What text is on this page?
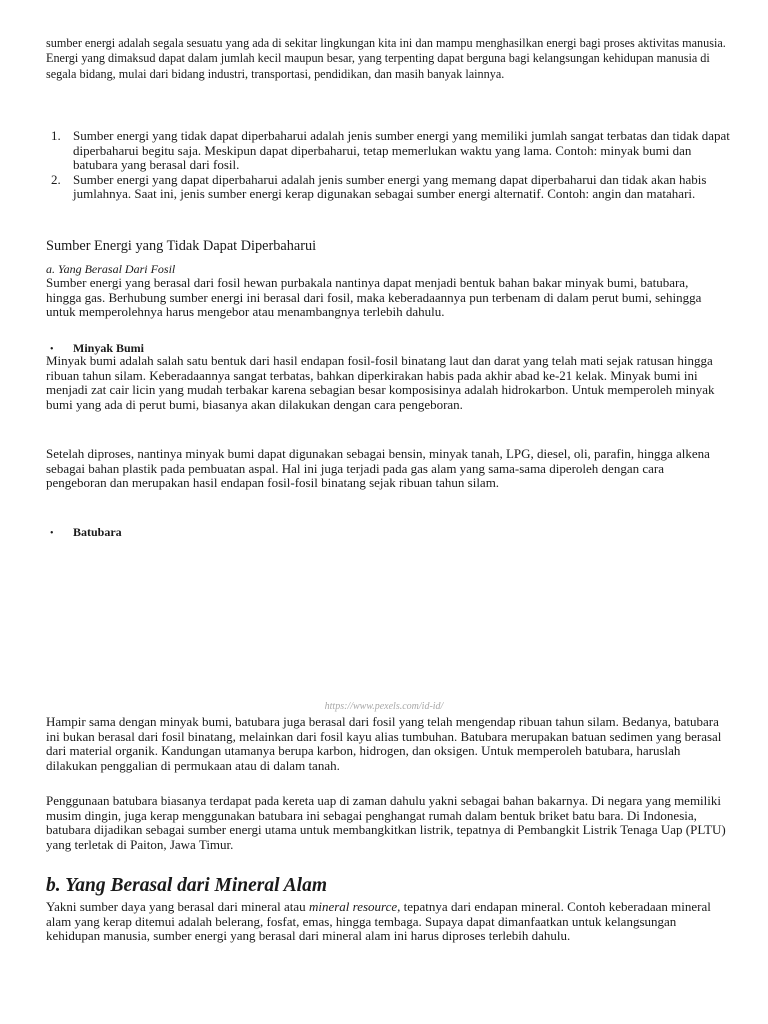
sumber energi adalah segala sesuatu yang ada di sekitar lingkungan kita ini dan mampu menghasilkan energi bagi proses aktivitas manusia. Energi yang dimaksud dapat dalam jumlah kecil maupun besar, yang terpenting dapat berguna bagi kelangsungan kehidupan manusia di segala bidang, mulai dari bidang industri, transportasi, pendidikan, dan masih banyak lainnya.

1. Sumber energi yang tidak dapat diperbaharui adalah jenis sumber energi yang memiliki jumlah sangat terbatas dan tidak dapat diperbaharui begitu saja. Meskipun dapat diperbaharui, tetap memerlukan waktu yang lama. Contoh: minyak bumi dan batubara yang berasal dari fosil.
2. Sumber energi yang dapat diperbaharui adalah jenis sumber energi yang memang dapat diperbaharui dan tidak akan habis jumlahnya. Saat ini, jenis sumber energi kerap digunakan sebagai sumber energi alternatif. Contoh: angin dan matahari.
Sumber Energi yang Tidak Dapat Diperbaharui

a. Yang Berasal Dari Fosil

Sumber energi yang berasal dari fosil hewan purbakala nantinya dapat menjadi bentuk bahan bakar minyak bumi, batubara, hingga gas. Berhubung sumber energi ini berasal dari fosil, maka keberadaannya pun terbenam di dalam perut bumi, sehingga untuk memperolehnya harus mengebor atau menambangnya terlebih dahulu.

• Minyak Bumi

Minyak bumi adalah salah satu bentuk dari hasil endapan fosil-fosil binatang laut dan darat yang telah mati sejak ratusan hingga ribuan tahun silam. Keberadaannya sangat terbatas, bahkan diperkirakan habis pada akhir abad ke-21 kelak. Minyak bumi ini menjadi zat cair licin yang mudah terbakar karena sebagian besar komposisinya adalah hidrokarbon. Untuk memperoleh minyak bumi yang ada di perut bumi, biasanya akan dilakukan dengan cara pengeboran.

Setelah diproses, nantinya minyak bumi dapat digunakan sebagai bensin, minyak tanah, LPG, diesel, oli, parafin, hingga alkena sebagai bahan plastik pada pembuatan aspal. Hal ini juga terjadi pada gas alam yang sama-sama diperoleh dengan cara pengeboran dan merupakan hasil endapan fosil-fosil binatang sejak ribuan tahun silam.

• Batubara

https://www.pexels.com/id-id/

Hampir sama dengan minyak bumi, batubara juga berasal dari fosil yang telah mengendap ribuan tahun silam. Bedanya, batubara ini bukan berasal dari fosil binatang, melainkan dari fosil kayu alias tumbuhan. Batubara merupakan batuan sedimen yang berasal dari material organik. Kandungan utamanya berupa karbon, hidrogen, dan oksigen. Untuk memperoleh batubara, haruslah dilakukan penggalian di permukaan atau di dalam tanah.

Penggunaan batubara biasanya terdapat pada kereta uap di zaman dahulu yakni sebagai bahan bakarnya. Di negara yang memiliki musim dingin, juga kerap menggunakan batubara ini sebagai penghangat rumah dalam bentuk briket batu bara. Di Indonesia, batubara dijadikan sebagai sumber energi utama untuk membangkitkan listrik, tepatnya di Pembangkit Listrik Tenaga Uap (PLTU) yang terletak di Paiton, Jawa Timur.

b. Yang Berasal dari Mineral Alam

Yakni sumber daya yang berasal dari mineral atau mineral resource, tepatnya dari endapan mineral. Contoh keberadaan mineral alam yang kerap ditemui adalah belerang, fosfat, emas, hingga tembaga. Supaya dapat dimanfaatkan untuk kelangsungan kehidupan manusia, sumber energi yang berasal dari mineral alam ini harus diproses terlebih dahulu.
